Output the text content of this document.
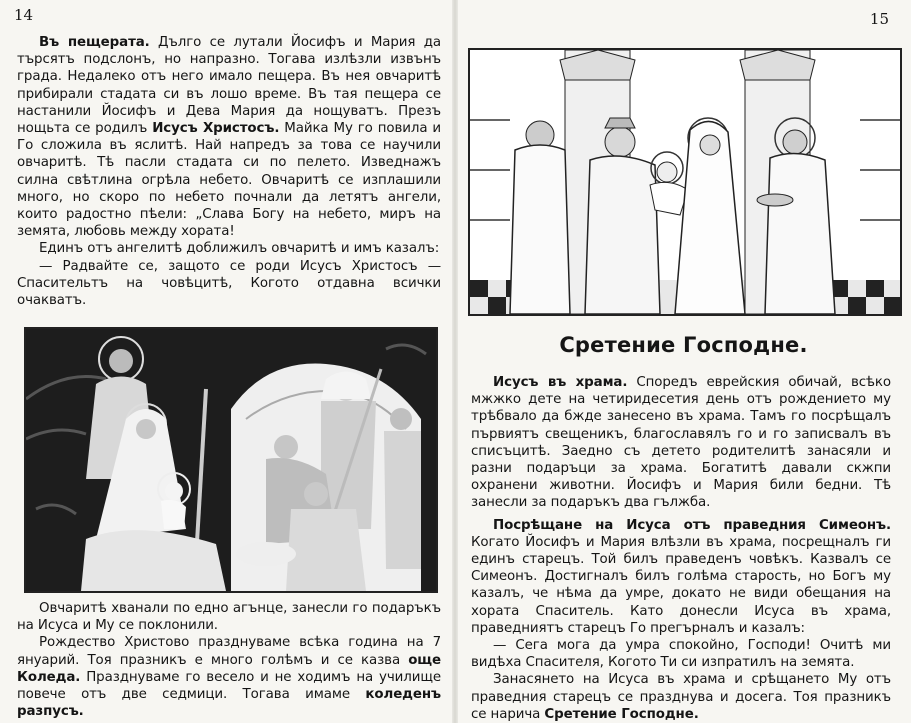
14

Въ пещерата. Дълго се лутали Йосифъ и Мария да търсятъ подслонъ, но напразно. Тогава излѣзли извънъ града. Недалеко отъ него имало пещера. Въ нея овчаритѣ прибирали стадата си въ лошо време. Въ тая пещера се настанили Йосифъ и Дева Мария да нощуватъ. Презъ нощьта се родилъ Исусъ Христосъ. Майка Му го повила и Го сложила въ яслитѣ. Най напредъ за това се научили овчаритѣ. Тѣ пасли стадата си по пелето. Изведнажъ силна свѣтлина огрѣла небето. Овчаритѣ се изплашили много, но скоро по небето почнали да летятъ ангели, които радостно пѣели: „Слава Богу на небето, миръ на земята, любовь между хората!

Единъ отъ ангелитѣ доближилъ овчаритѣ и имъ казалъ:

— Радвайте се, защото се роди Исусъ Христосъ — Спасительтъ на човѣцитѣ, Когото отдавна всички очакватъ.

Овчаритѣ хванали по едно агънце, занесли го подаръкъ на Исуса и Му се поклонили.

Рождество Христово празднуваме всѣка година на 7 януарий. Тоя празникъ е много голѣмъ и се казва още Коледа. Празднуваме го весело и не ходимъ на училище повече отъ две седмици. Тогава имаме коледенъ разпусъ.

15
Сретение Господне.

Исусъ въ храма. Споредъ еврейския обичай, всѣко мжжко дете на четиридесетия день отъ рождението му трѣбвало да бжде занесено въ храма. Тамъ го посрѣщалъ първиятъ свещеникъ, благославялъ го и го записвалъ въ списъцитѣ. Заедно съ детето родителитѣ занасяли и разни подаръци за храма. Богатитѣ давали скжпи охранени животни. Йосифъ и Мария били бедни. Тѣ занесли за подаръкъ два гължба.

Посрѣщане на Исуса отъ праведния Симеонъ. Когато Йосифъ и Мария влѣзли въ храма, посрещналъ ги единъ старецъ. Той билъ праведенъ човѣкъ. Казвалъ се Симеонъ. Достигналъ билъ голѣма старость, но Богъ му казалъ, че нѣма да умре, докато не види обещания на хората Спаситель. Като донесли Исуса въ храма, праведниятъ старецъ Го прегърналъ и казалъ:

— Сега мога да умра спокойно, Господи! Очитѣ ми видѣха Спасителя, Когото Ти си изпратилъ на земята.

Занасянето на Исуса въ храма и срѣщането Му отъ праведния старецъ се празднува и досега. Тоя празникъ се нарича Сретение Господне.
